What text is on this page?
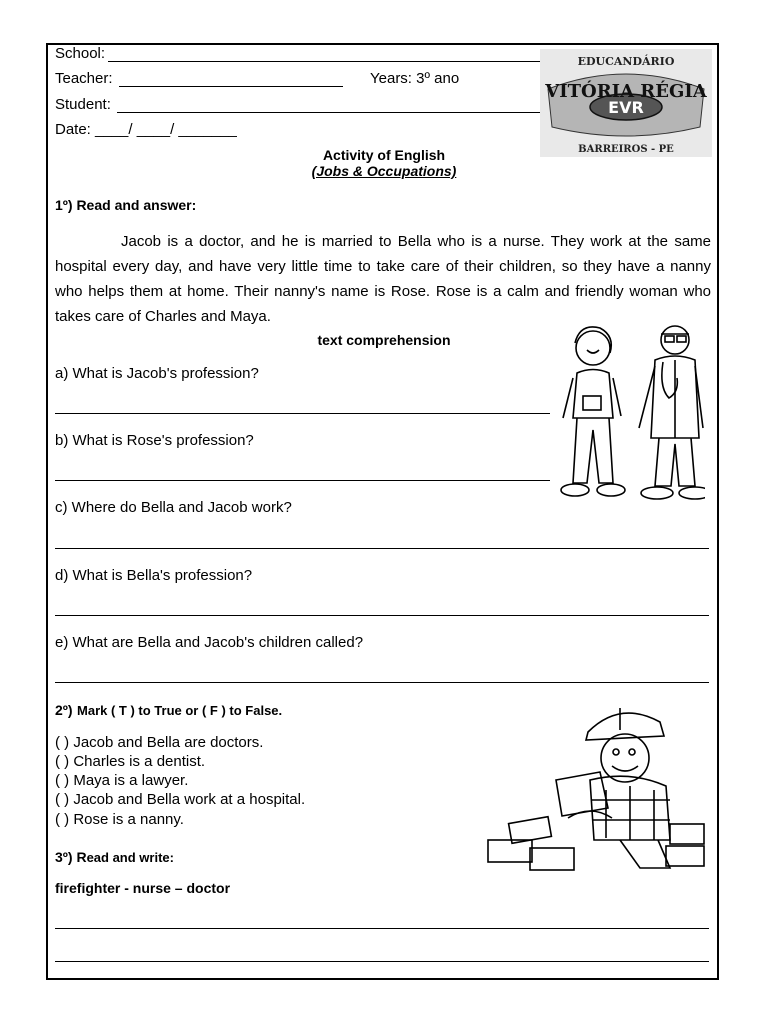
School:
Teacher:	Years: 3º ano
Student:
Date: ____/ ____/ _______
EDUCANDÁRIO
VITÓRIA RÉGIA
EVR
BARREIROS - PE
Activity of English
(Jobs & Occupations)
1º) Read and answer:
Jacob is a doctor, and he is married to Bella who is a nurse. They work at the same hospital every day, and have very little time to take care of their children, so they have a nanny who helps them at home. Their nanny's name is Rose. Rose is a calm and friendly woman who takes care of Charles and Maya.
text comprehension
a) What is Jacob's profession?
b) What is Rose's profession?
c) Where do Bella and Jacob work?
d) What is Bella's profession?
e) What are Bella and Jacob's children called?
2º) Mark ( T ) to True or ( F ) to False.
( ) Jacob and Bella are doctors.
( ) Charles is a dentist.
( ) Maya is a lawyer.
( ) Jacob and Bella work at a hospital.
( ) Rose is a nanny.
3º) Read and write:
firefighter - nurse – doctor
